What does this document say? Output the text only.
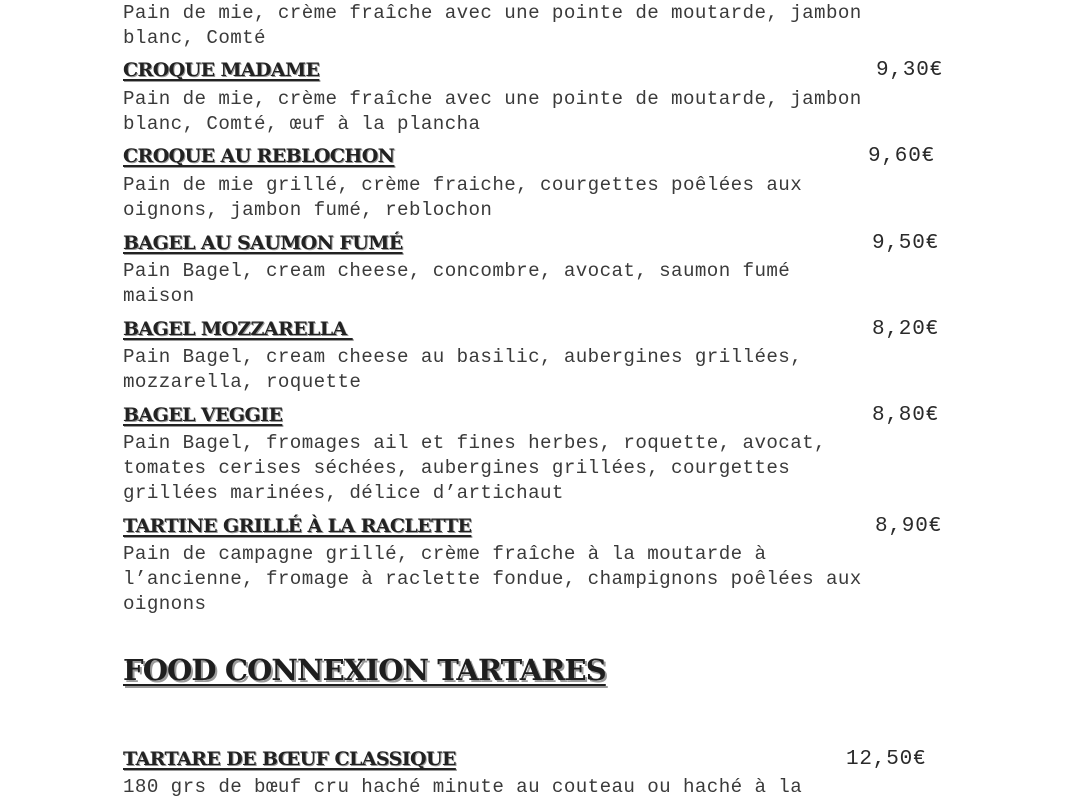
Pain de mie, crème fraîche avec une pointe de moutarde, jambon

blanc, Comté

CROQUE MADAME	9,30€

Pain de mie, crème fraîche avec une pointe de moutarde, jambon

blanc, Comté, œuf à la plancha

CROQUE AU REBLOCHON	9,60€

Pain de mie grillé, crème fraiche, courgettes poêlées aux

oignons, jambon fumé, reblochon

BAGEL AU SAUMON FUMÉ	9,50€

Pain Bagel, cream cheese, concombre, avocat, saumon fumé

maison

BAGEL MOZZARELLA	8,20€

Pain Bagel, cream cheese au basilic, aubergines grillées,

mozzarella, roquette

BAGEL VEGGIE	8,80€

Pain Bagel, fromages ail et fines herbes, roquette, avocat,

tomates cerises séchées, aubergines grillées, courgettes

grillées marinées, délice d’artichaut

TARTINE GRILLÉ À LA RACLETTE	8,90€

Pain de campagne grillé, crème fraîche à la moutarde à

l’ancienne, fromage à raclette fondue, champignons poêlées aux

oignons

FOOD CONNEXION TARTARES

TARTARE DE BŒUF CLASSIQUE	12,50€

180 grs de bœuf cru haché minute au couteau ou haché à la
